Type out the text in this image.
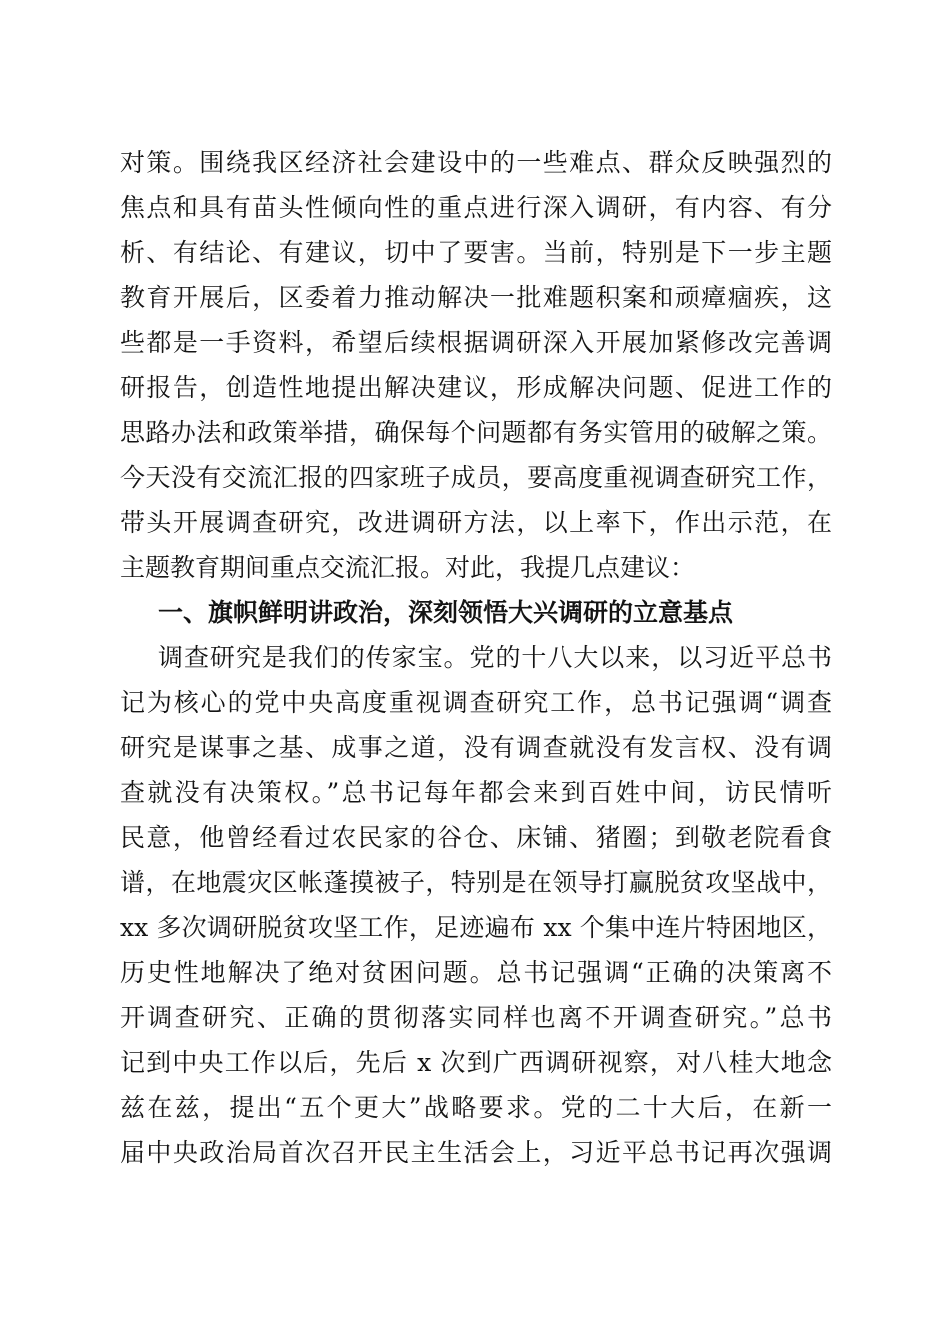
对策。围绕我区经济社会建设中的一些难点、群众反映强烈的
焦点和具有苗头性倾向性的重点进行深入调研，有内容、有分
析、有结论、有建议，切中了要害。当前，特别是下一步主题
教育开展后，区委着力推动解决一批难题积案和顽瘴痼疾，这
些都是一手资料，希望后续根据调研深入开展加紧修改完善调
研报告，创造性地提出解决建议，形成解决问题、促进工作的
思路办法和政策举措，确保每个问题都有务实管用的破解之策。
今天没有交流汇报的四家班子成员，要高度重视调查研究工作，
带头开展调查研究，改进调研方法，以上率下，作出示范，在
主题教育期间重点交流汇报。对此，我提几点建议：
一、旗帜鲜明讲政治，深刻领悟大兴调研的立意基点
调查研究是我们的传家宝。党的十八大以来，以习近平总书
记为核心的党中央高度重视调查研究工作，总书记强调“调查
研究是谋事之基、成事之道，没有调查就没有发言权、没有调
查就没有决策权。”总书记每年都会来到百姓中间，访民情听
民意，他曾经看过农民家的谷仓、床铺、猪圈；到敬老院看食
谱，在地震灾区帐蓬摸被子，特别是在领导打赢脱贫攻坚战中，
xx 多次调研脱贫攻坚工作，足迹遍布 xx 个集中连片特困地区，
历史性地解决了绝对贫困问题。总书记强调“正确的决策离不
开调查研究、正确的贯彻落实同样也离不开调查研究。”总书
记到中央工作以后，先后 x 次到广西调研视察，对八桂大地念
兹在兹，提出“五个更大”战略要求。党的二十大后，在新一
届中央政治局首次召开民主生活会上，习近平总书记再次强调
